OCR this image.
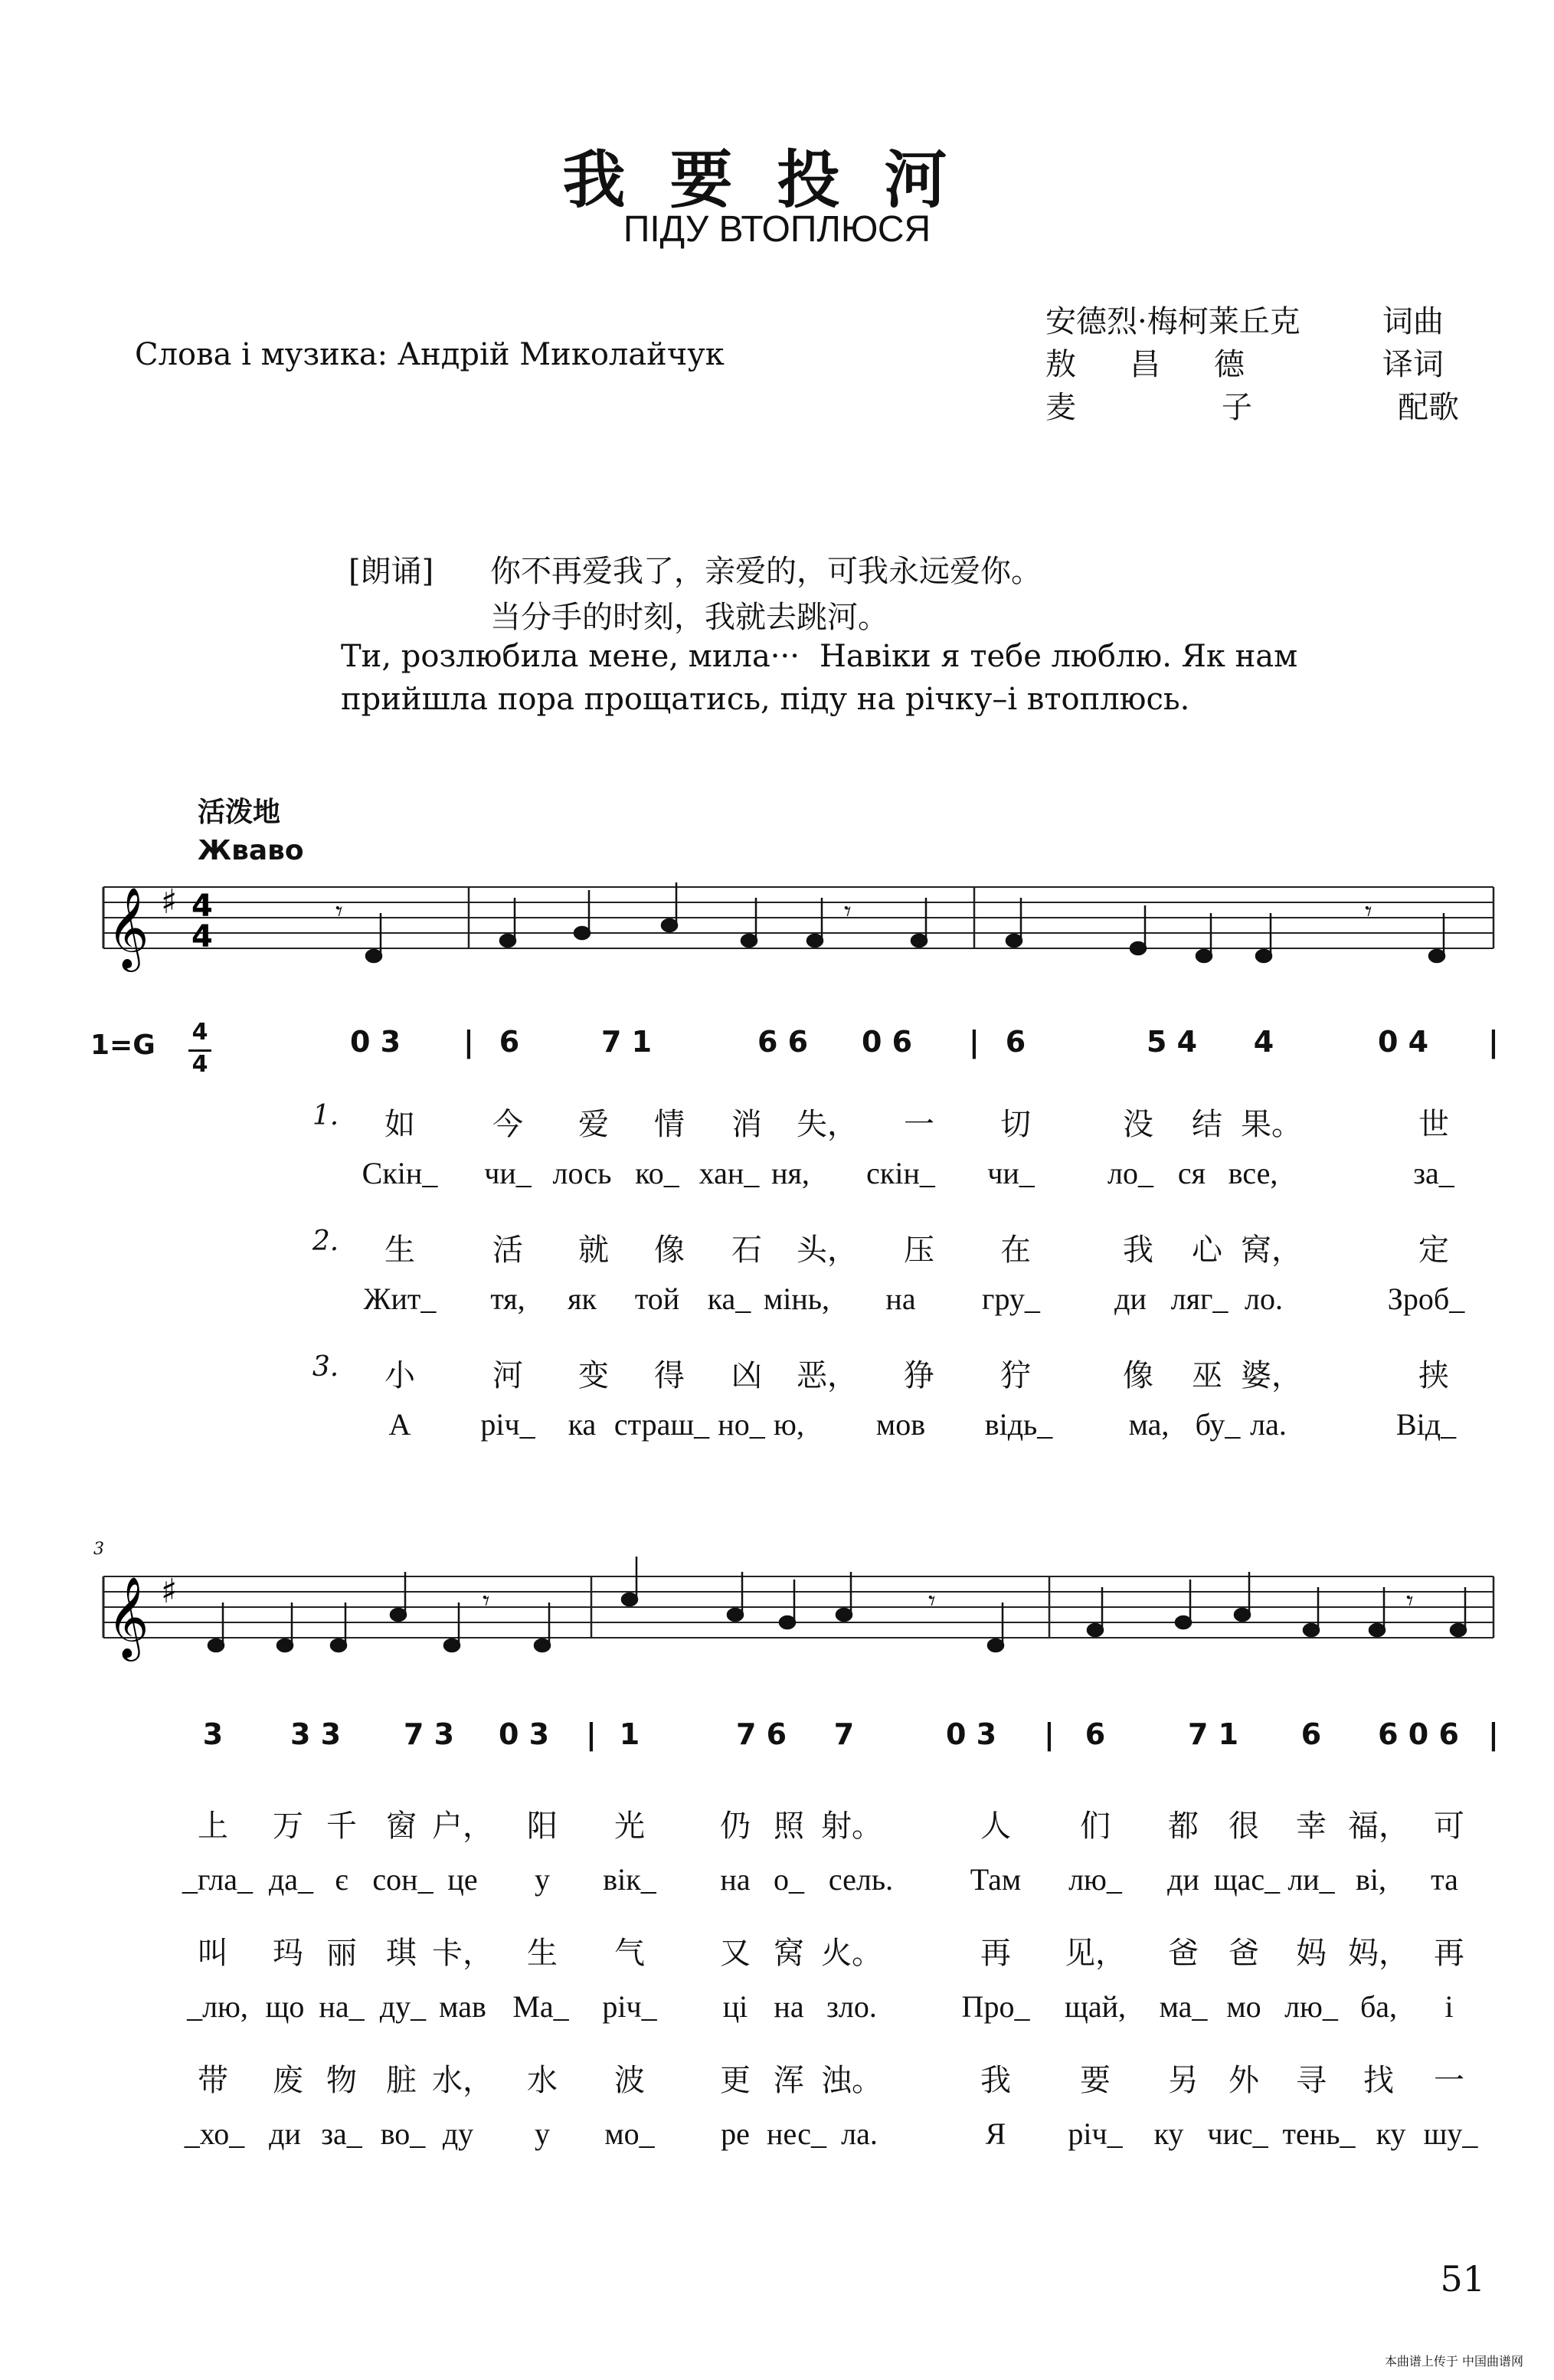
我要投河
ПІДУ ВТОПЛЮСЯ
Слова і музика: Андрій Миколайчук
安德烈·梅柯莱丘克	词曲
敖昌德	译词
麦子 配歌
[朗诵] 你不再爱我了，亲爱的，可我永远爱你。
当分手的时刻，我就去跳河。
Ти, розлюбила мене, мила··· Навіки я тебе люблю. Як нам
прийшла пора прощатись, піду на річку–і втоплюсь.
活泼地
Жваво
𝄞 ♯ 4
4
𝄾	𝄾	𝄾
1=G 4
4
0 3 | 6	7 1	6 6 0 6 | 6	5 4 4	0 4 |
1. 如	今 爱 情 消 失， 一 切	没 结 果。	世
Скін_ чи_ лось ко_ хан_ ня, скін_ чи_ ло_ ся все,	за_
2. 生	活 就 像 石 头， 压 在	我 心 窝，	定
Жит_ тя, як той ка_ мінь, на гру_ ди ляг_ ло.	Зроб_
3. 小	河 变 得 凶 恶， 狰 狞	像 巫 婆，	挟
А річ_ ка страш_ но_ ю, мов відь_ ма, бу_ ла.	Від_
3
𝄞 ♯	𝄾	𝄾	𝄾
3 3 3 7 3 0 3 | 1	7 6 7	0 3 | 6	7 1 6 6 0 6 |
上 万 千 窗 户， 阳 光 仍 照 射。	人 们 都 很 幸 福， 可
_гла_ да_ є сон_ це у вік_ на о_ сель.	Там лю_ ди щас_ ли_ ві, та
叫 玛 丽 琪 卡， 生 气 又 窝 火。	再 见， 爸 爸 妈 妈， 再
_лю, що на_ ду_ мав Ма_ річ_ ці на зло.	Про_ щай, ма_ мо лю_ ба, і
带 废 物 脏 水， 水 波 更 浑 浊。	我 要 另 外 寻 找 一
_хо_ ди за_ во_ ду у мо_ ре нес_ ла.	Я річ_ ку чис_ тень_ ку шу_
51
本曲谱上传于 中国曲谱网
